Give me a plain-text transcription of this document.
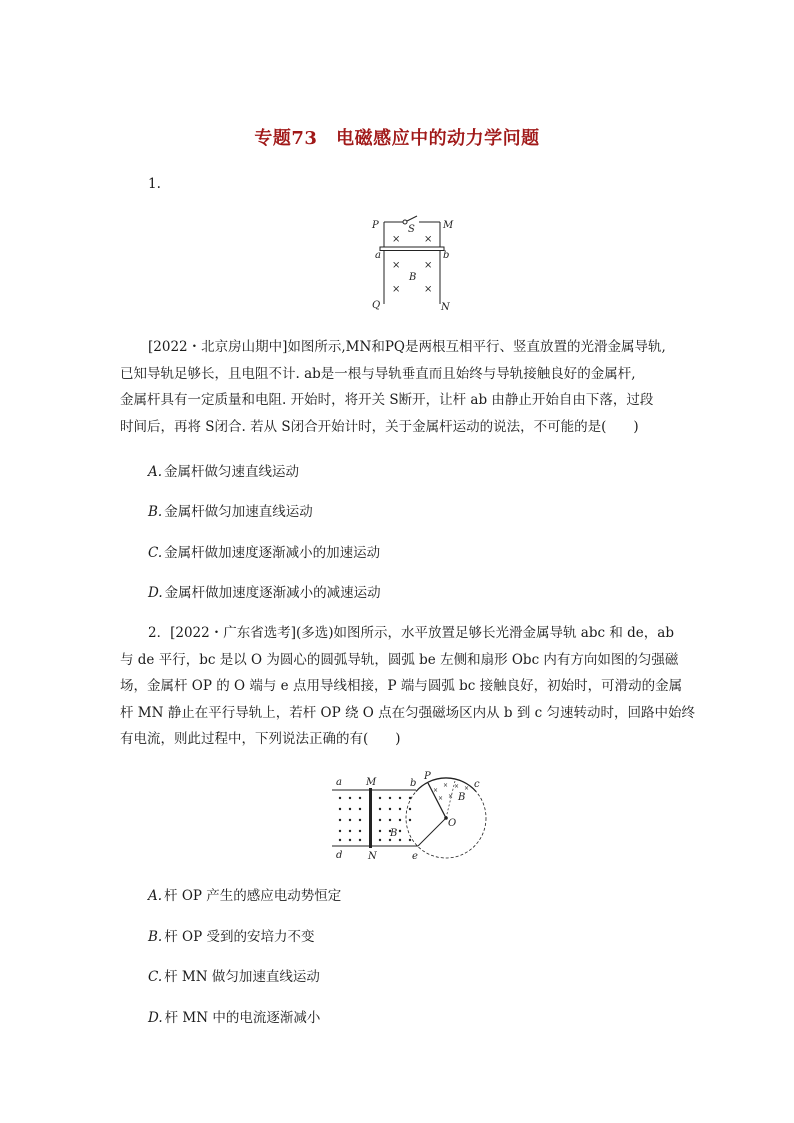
专题73 电磁感应中的动力学问题
1.
× ×
× ×
× ×
P	M
S
a	b
B
Q	N
[2022・北京房山期中]如图所示,MN和PQ是两根互相平行、竖直放置的光滑金属导轨,
已知导轨足够长，且电阻不计. ab是一根与导轨垂直而且始终与导轨接触良好的金属杆,
金属杆具有一定质量和电阻. 开始时，将开关 S断开，让杆 ab 由静止开始自由下落，过段
时间后，再将 S闭合. 若从 S闭合开始计时，关于金属杆运动的说法，不可能的是(　　)
A. 金属杆做匀速直线运动
B. 金属杆做匀加速直线运动
C. 金属杆做加速度逐渐减小的加速运动
D. 金属杆做加速度逐渐减小的减速运动
2．[2022・广东省选考](多选)如图所示，水平放置足够长光滑金属导轨 abc 和 de，ab
与 de 平行，bc 是以 O 为圆心的圆弧导轨，圆弧 be 左侧和扇形 Obc 内有方向如图的匀强磁
场，金属杆 OP 的 O 端与 e 点用导线相接，P 端与圆弧 bc 接触良好，初始时，可滑动的金属
杆 MN 静止在平行导轨上，若杆 OP 绕 O 点在匀强磁场区内从 b 到 c 匀速转动时，回路中始终
有电流，则此过程中，下列说法正确的有(　　)
×
× × ×
× ×
a M	b
P
c
B
B
O
d	N	e
A. 杆 OP 产生的感应电动势恒定
B. 杆 OP 受到的安培力不变
C. 杆 MN 做匀加速直线运动
D. 杆 MN 中的电流逐渐减小
